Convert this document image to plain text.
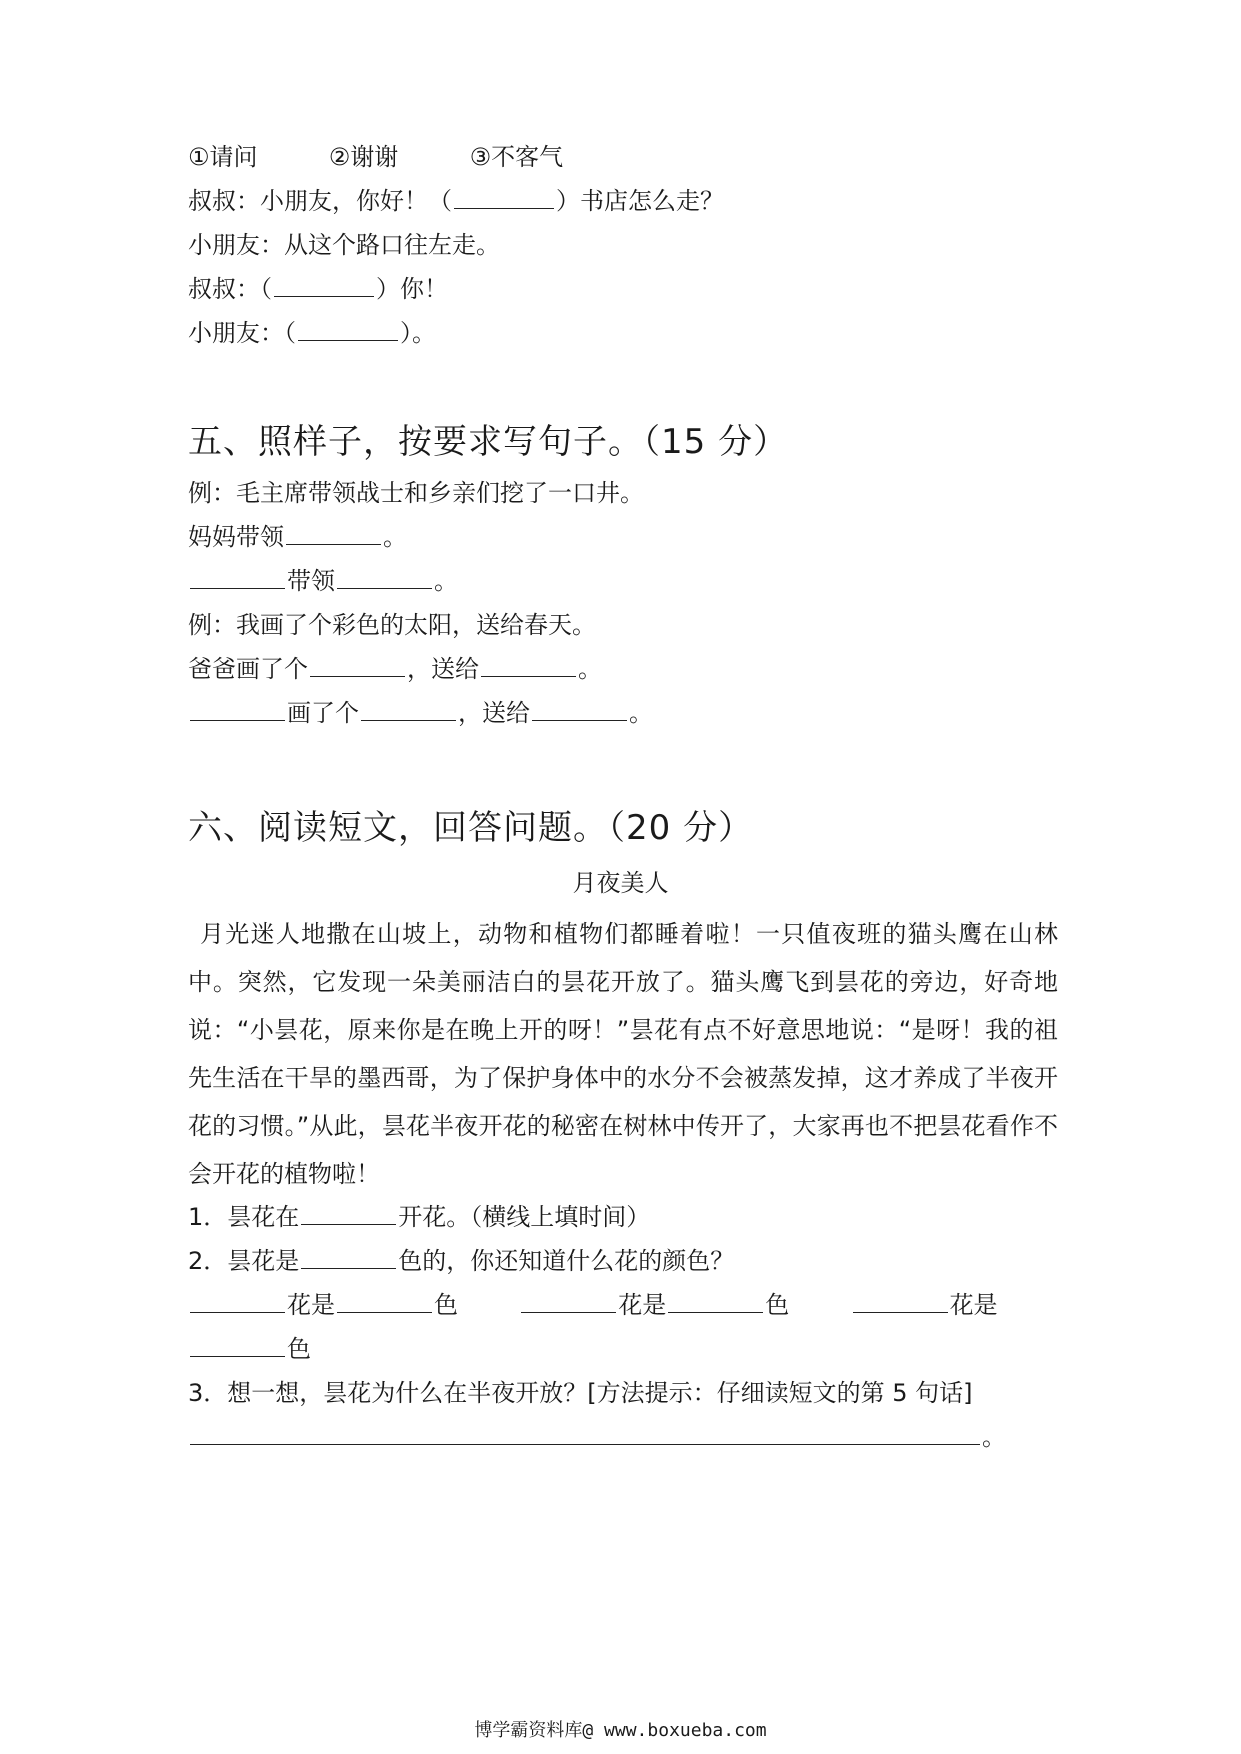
①请问	②谢谢	③不客气
叔叔：小朋友，你好！（	）书店怎么走？
小朋友：从这个路口往左走。
叔叔：（	）你！
小朋友：（	）。
五、照样子，按要求写句子。（15 分）
例：毛主席带领战士和乡亲们挖了一口井。
妈妈带领	。
带领	。
例：我画了个彩色的太阳，送给春天。
爸爸画了个	，送给	。
画了个	，送给	。
六、阅读短文，回答问题。（20 分）
月夜美人
月光迷人地撒在山坡上，动物和植物们都睡着啦！一只值夜班的猫头鹰在山林中。突然，它发现一朵美丽洁白的昙花开放了。猫头鹰飞到昙花的旁边，好奇地说：“小昙花，原来你是在晚上开的呀！”昙花有点不好意思地说：“是呀！我的祖先生活在干旱的墨西哥，为了保护身体中的水分不会被蒸发掉，这才养成了半夜开花的习惯。”从此，昙花半夜开花的秘密在树林中传开了，大家再也不把昙花看作不会开花的植物啦！
1．昙花在	开花。（横线上填时间）
2．昙花是	色的，你还知道什么花的颜色？
花是	色	花是	色	花是
色
3．想一想，昙花为什么在半夜开放？[方法提示：仔细读短文的第 5 句话]
。
博学霸资料库@ www.boxueba.com
